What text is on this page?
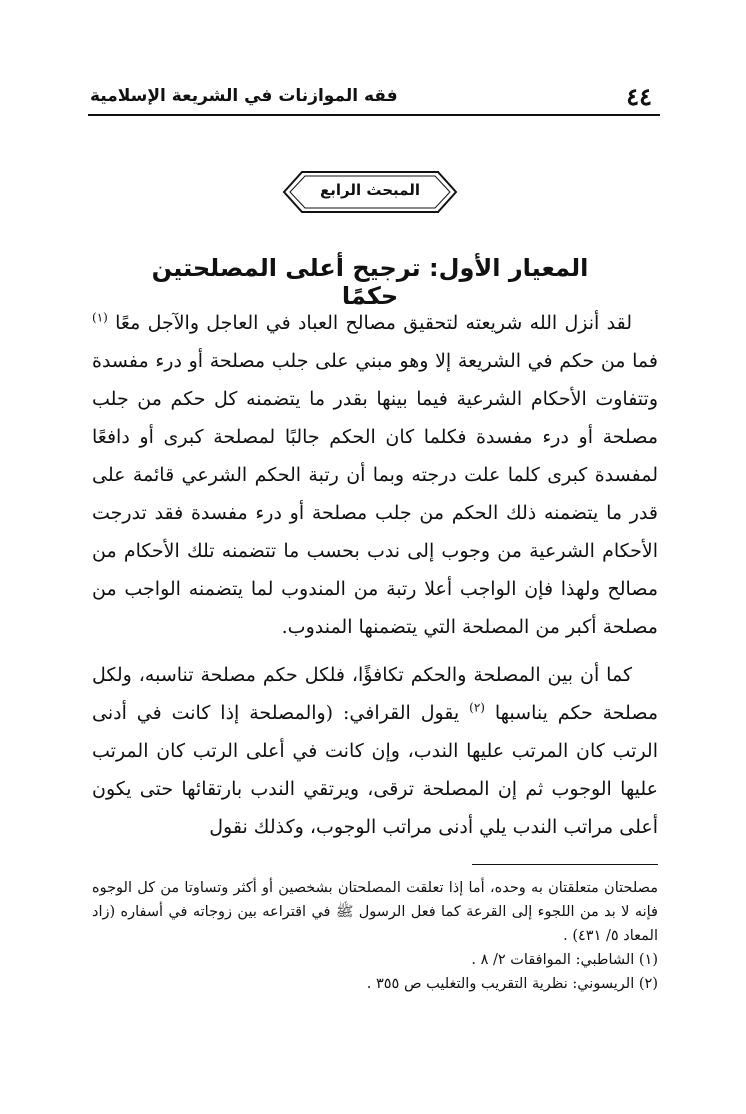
٤٤
فقه الموازنات في الشريعة الإسلامية
المبحث الرابع
المعيار الأول: ترجيح أعلى المصلحتين حكمًا

لقد أنزل الله شريعته لتحقيق مصالح العباد في العاجل والآجل معًا $^{(١)}$ فما من حكم في الشريعة إلا وهو مبني على جلب مصلحة أو درء مفسدة وتتفاوت الأحكام الشرعية فيما بينها بقدر ما يتضمنه كل حكم من جلب مصلحة أو درء مفسدة فكلما كان الحكم جالبًا لمصلحة كبرى أو دافعًا لمفسدة كبرى كلما علت درجته وبما أن رتبة الحكم الشرعي قائمة على قدر ما يتضمنه ذلك الحكم من جلب مصلحة أو درء مفسدة فقد تدرجت الأحكام الشرعية من وجوب إلى ندب بحسب ما تتضمنه تلك الأحكام من مصالح ولهذا فإن الواجب أعلا رتبة من المندوب لما يتضمنه الواجب من مصلحة أكبر من المصلحة التي يتضمنها المندوب.

كما أن بين المصلحة والحكم تكافؤًا، فلكل حكم مصلحة تناسبه، ولكل مصلحة حكم يناسبها $^{(٢)}$ يقول القرافي: (والمصلحة إذا كانت في أدنى الرتب كان المرتب عليها الندب، وإن كانت في أعلى الرتب كان المرتب عليها الوجوب ثم إن المصلحة ترقى، ويرتقي الندب بارتقائها حتى يكون أعلى مراتب الندب يلي أدنى مراتب الوجوب، وكذلك نقول

مصلحتان متعلقتان به وحده، أما إذا تعلقت المصلحتان بشخصين أو أكثر وتساوتا من كل الوجوه فإنه لا بد من اللجوء إلى القرعة كما فعل الرسول ﷺ في اقتراعه بين زوجاته في أسفاره (زاد المعاد ٥/ ٤٣١) .

(١) الشاطبي: الموافقات ٢/ ٨ .

(٢) الريسوني: نظرية التقريب والتغليب ص ٣٥٥ .
